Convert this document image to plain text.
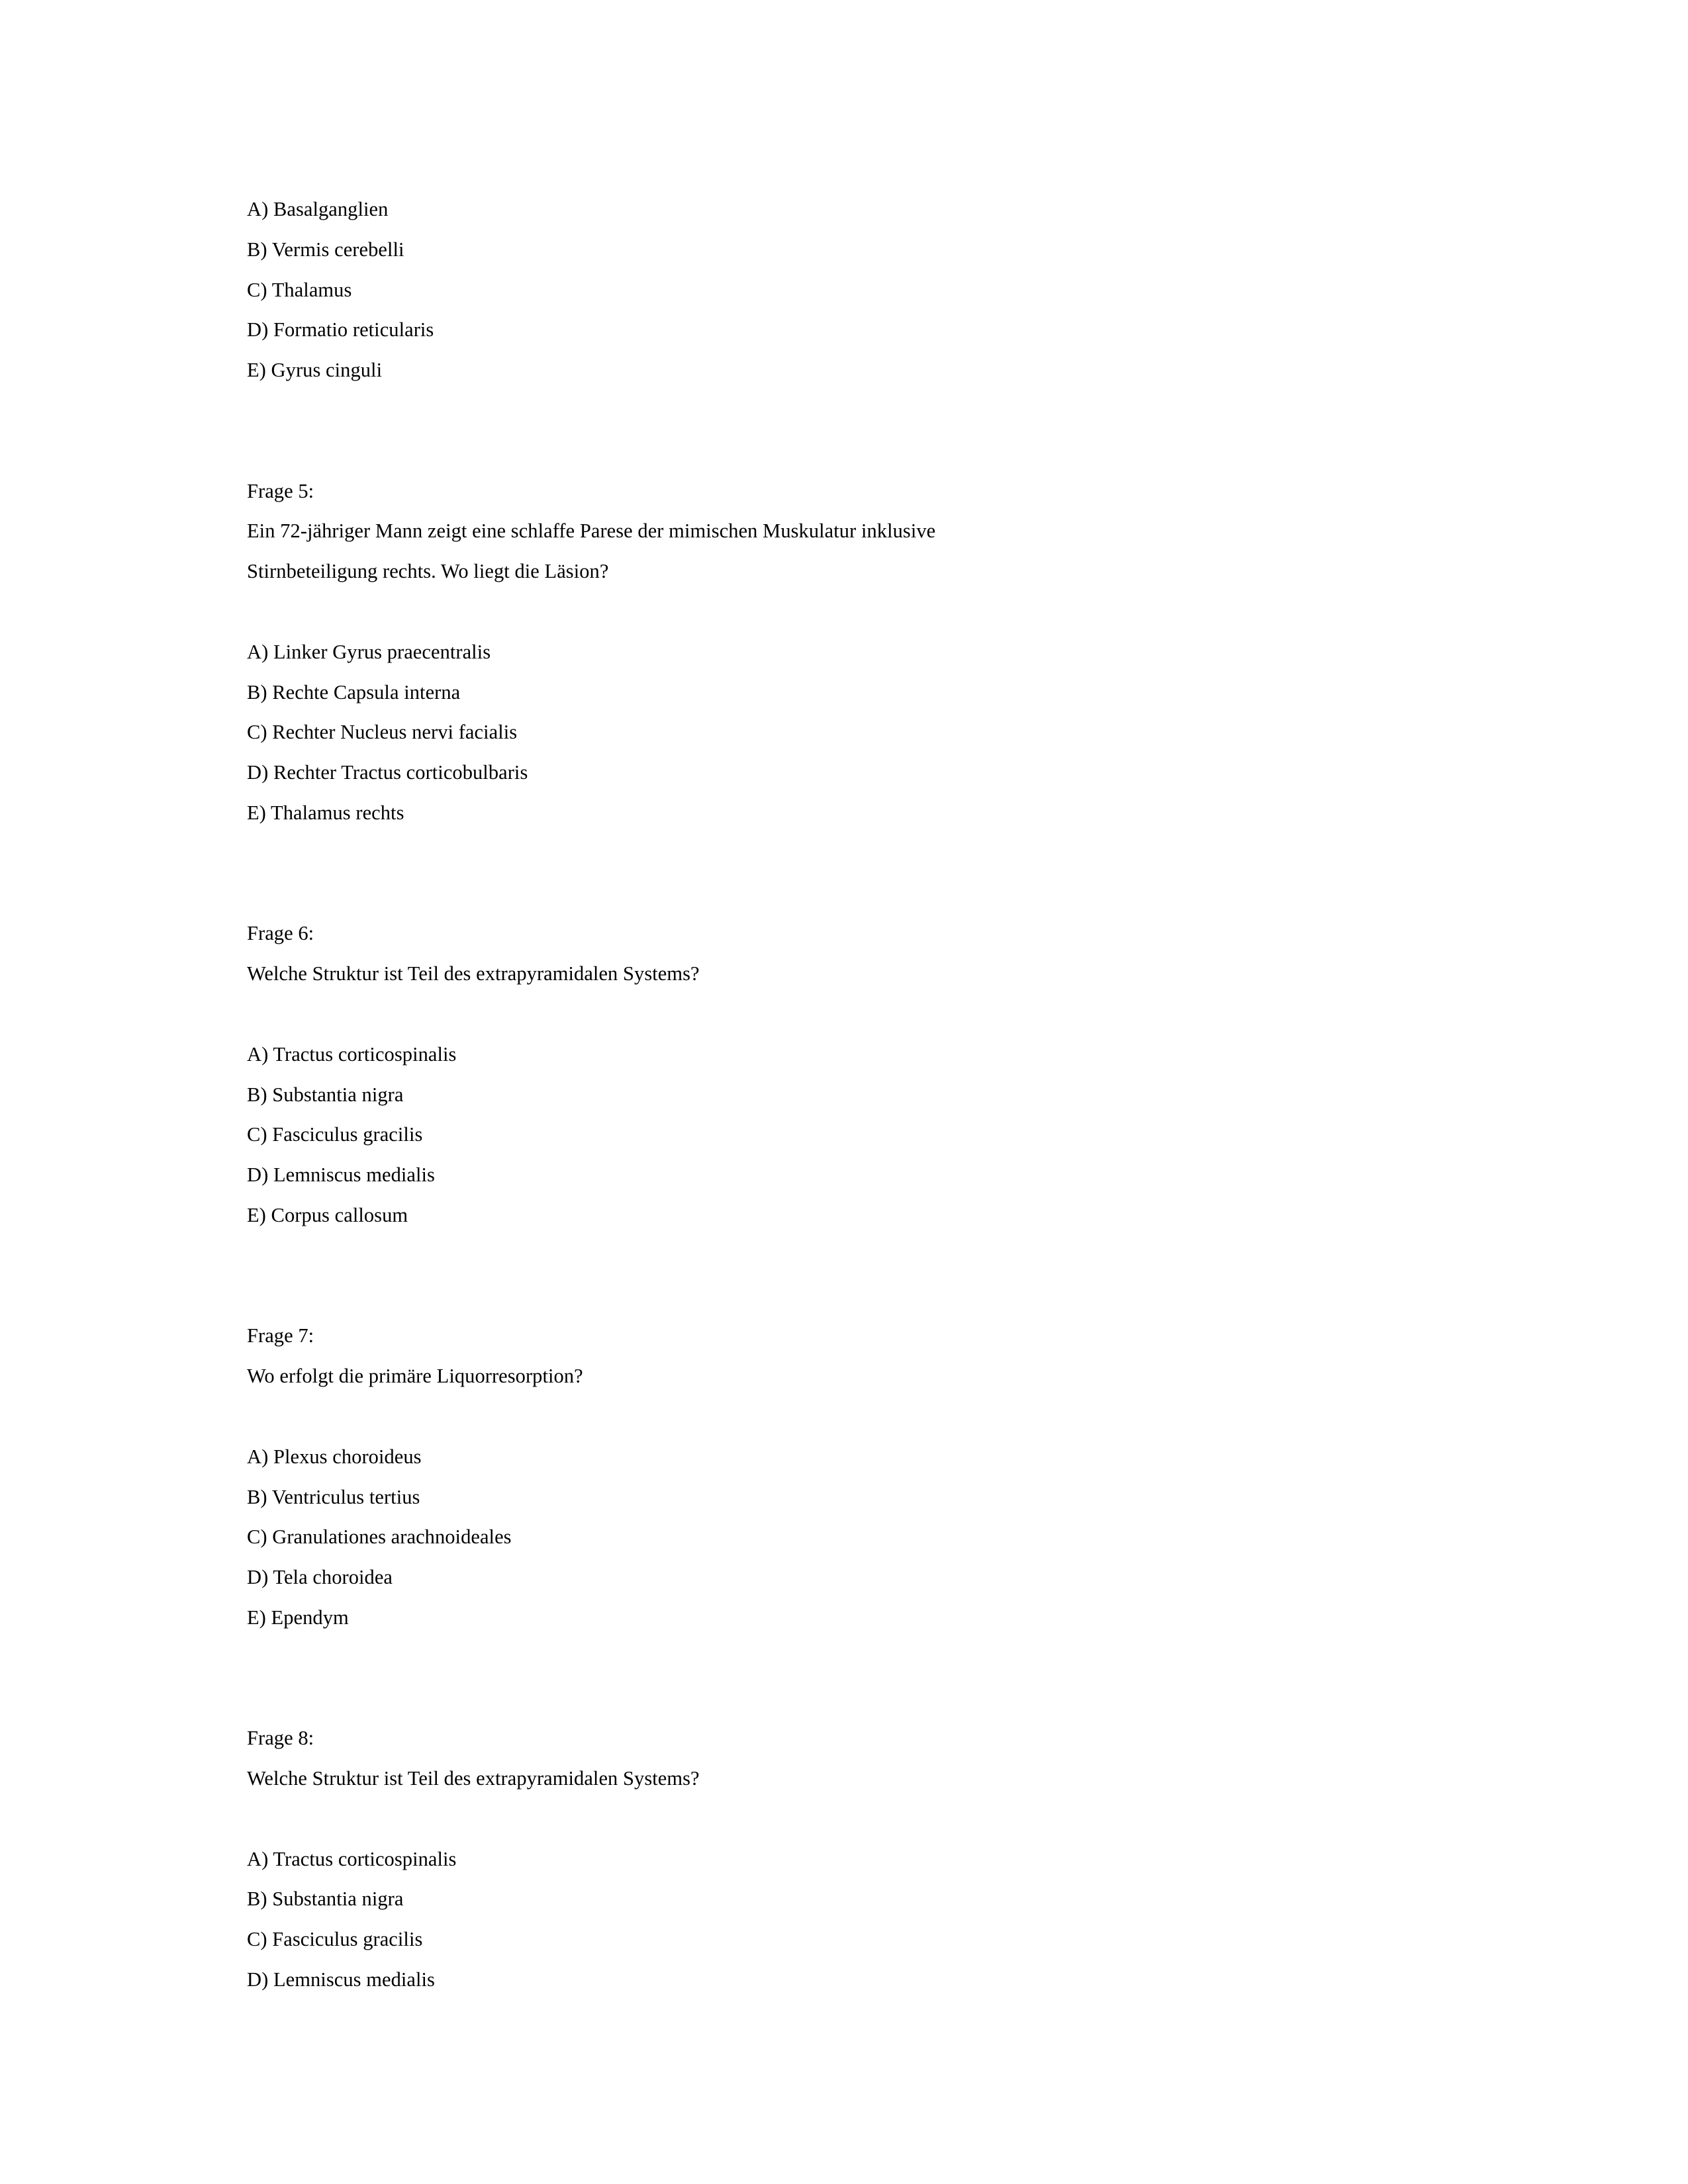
A) Basalganglien
B) Vermis cerebelli
C) Thalamus
D) Formatio reticularis
E) Gyrus cinguli

Frage 5:
Ein 72-jähriger Mann zeigt eine schlaffe Parese der mimischen Muskulatur inklusive
Stirnbeteiligung rechts. Wo liegt die Läsion?

A) Linker Gyrus praecentralis
B) Rechte Capsula interna
C) Rechter Nucleus nervi facialis
D) Rechter Tractus corticobulbaris
E) Thalamus rechts

Frage 6:
Welche Struktur ist Teil des extrapyramidalen Systems?

A) Tractus corticospinalis
B) Substantia nigra
C) Fasciculus gracilis
D) Lemniscus medialis
E) Corpus callosum

Frage 7:
Wo erfolgt die primäre Liquorresorption?

A) Plexus choroideus
B) Ventriculus tertius
C) Granulationes arachnoideales
D) Tela choroidea
E) Ependym

Frage 8:
Welche Struktur ist Teil des extrapyramidalen Systems?

A) Tractus corticospinalis
B) Substantia nigra
C) Fasciculus gracilis
D) Lemniscus medialis
